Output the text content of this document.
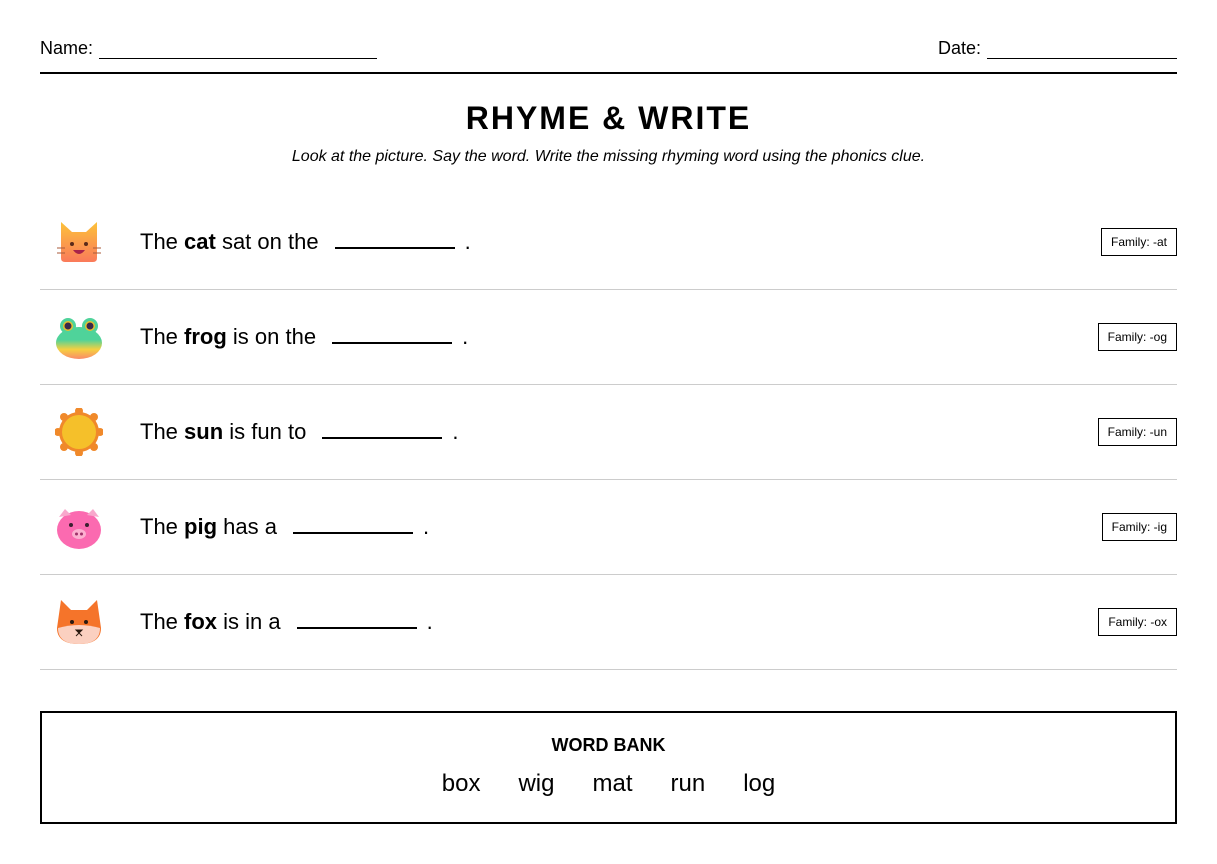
Name:	Date:
RHYME & WRITE
Look at the picture. Say the word. Write the missing rhyming word using the phonics clue.
The cat sat on the	.	Family: -at
The frog is on the	.	Family: -og
The sun is fun to	.	Family: -un
The pig has a	.	Family: -ig
The fox is in a	.	Family: -ox
WORD BANK
box wig mat run log
